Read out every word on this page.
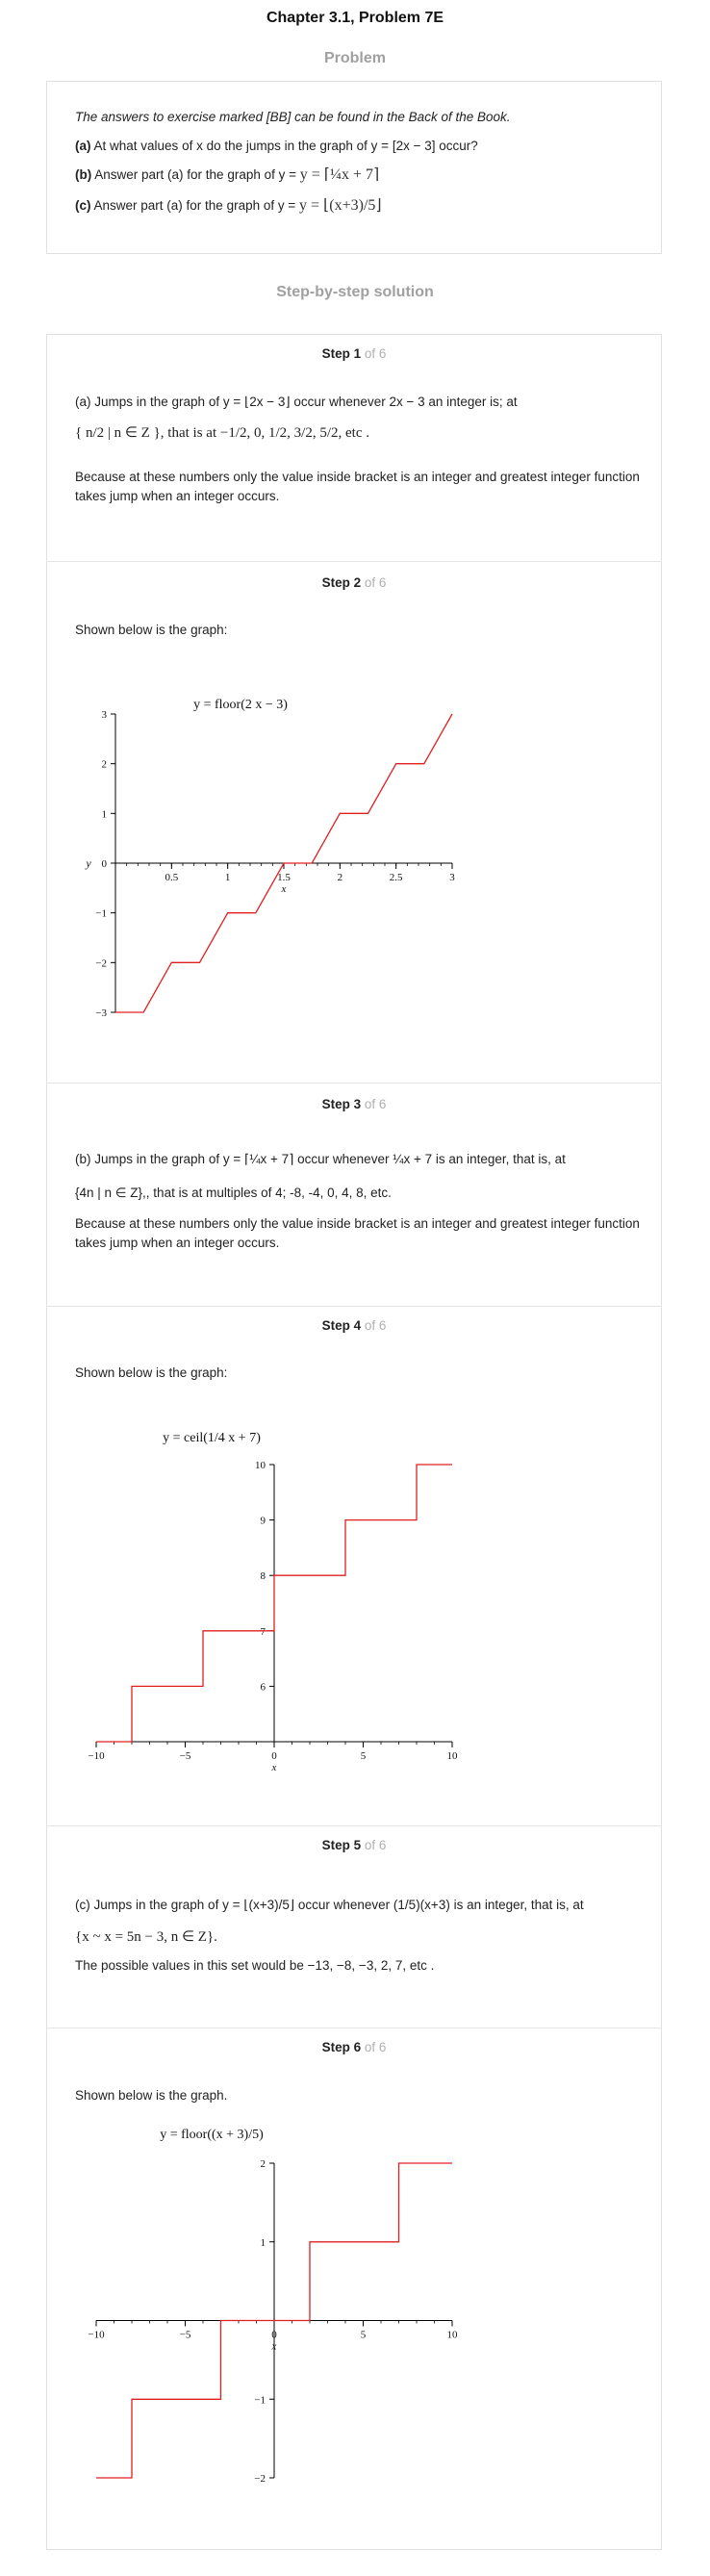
Chapter 3.1, Problem 7E
Problem
The answers to exercise marked [BB] can be found in the Back of the Book.
(a) At what values of x do the jumps in the graph of y = [2x − 3] occur?
(b) Answer part (a) for the graph of y = y = ⌈¼x + 7⌉
(c) Answer part (a) for the graph of y = y = ⌊(x+3)/5⌋
Step-by-step solution
Step 1 of 6
(a) Jumps in the graph of y = ⌊2x − 3⌋ occur whenever 2x − 3 an integer is; at
{ n/2 | n ∈ Z }, that is at −1/2, 0, 1/2, 3/2, 5/2, etc .
Because at these numbers only the value inside bracket is an integer and greatest integer function takes jump when an integer occurs.
Step 2 of 6
Shown below is the graph:
y = floor(2 x − 3)
0.5	1	1.5	2	2.5	3
3
2
1
0
−1
−2
−3
x
y
Step 3 of 6
(b) Jumps in the graph of y = ⌈¼x + 7⌉ occur whenever ¼x + 7 is an integer, that is, at
{4n | n ∈ Z},, that is at multiples of 4; -8, -4, 0, 4, 8, etc.
Because at these numbers only the value inside bracket is an integer and greatest integer function takes jump when an integer occurs.
Step 4 of 6
Shown below is the graph:
y = ceil(1/4 x + 7)
−10	−5	0	5	10
10
9
8
7
6
x
Step 5 of 6
(c) Jumps in the graph of y = ⌊(x+3)/5⌋ occur whenever (1/5)(x+3) is an integer, that is, at
{x ~ x = 5n − 3, n ∈ Z}.
The possible values in this set would be −13, −8, −3, 2, 7, etc .
Step 6 of 6
Shown below is the graph.
y = floor((x + 3)/5)
−10	−5	0	5	10
2
1
−1
−2
x
